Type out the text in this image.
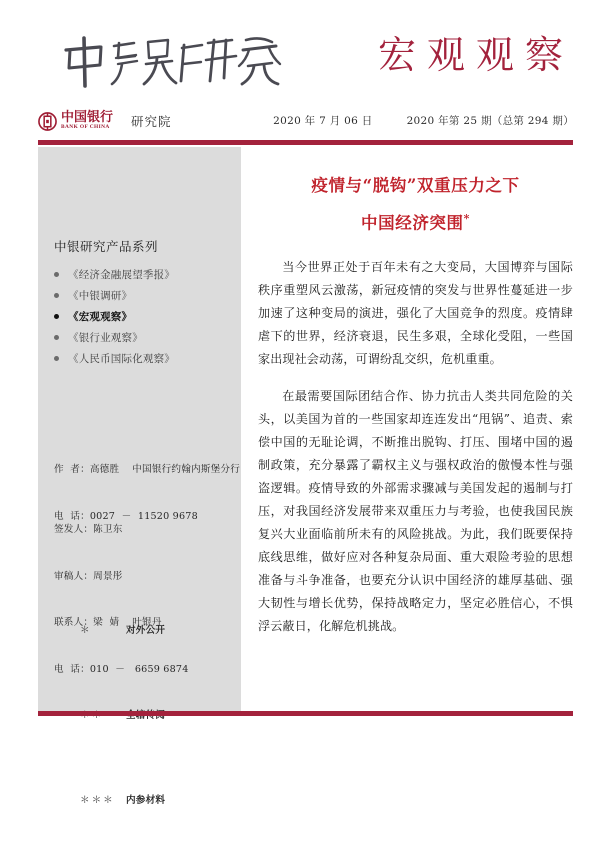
宏观观察
中国银行
BANK OF CHINA 研究院	2020 年 7 月 06 日	2020 年第 25 期（总第 294 期）
中银研究产品系列
《经济金融展望季报》
《中银调研》
《宏观观察》
《银行业观察》
《人民币国际化观察》

作  者：高德胜    中国银行约翰内斯堡分行

电  话：0027  －  11520 9678

签发人：陈卫东

审稿人：周景彤

联系人：梁  婧    叶银丹

电  话：010  －   6659 6874

＊	对外公开

＊＊＊ 内参材料

疫情与“脱钩”双重压力之下
中国经济突围*

当今世界正处于百年未有之大变局，大国博弈与国际秩序重塑风云激荡，新冠疫情的突发与世界性蔓延进一步加速了这种变局的演进，强化了大国竞争的烈度。疫情肆虐下的世界，经济衰退，民生多艰，全球化受阻，一些国家出现社会动荡，可谓纷乱交织，危机重重。

在最需要国际团结合作、协力抗击人类共同危险的关头，以美国为首的一些国家却连连发出“甩锅”、追责、索偿中国的无耻论调，不断推出脱钩、打压、围堵中国的遏制政策，充分暴露了霸权主义与强权政治的傲慢本性与强盗逻辑。疫情导致的外部需求骤减与美国发起的遏制与打压，对我国经济发展带来双重压力与考验，也使我国民族复兴大业面临前所未有的风险挑战。为此，我们既要保持底线思维，做好应对各种复杂局面、重大艰险考验的思想准备与斗争准备，也要充分认识中国经济的雄厚基础、强大韧性与增长优势，保持战略定力，坚定必胜信心，不惧浮云蔽日，化解危机挑战。
